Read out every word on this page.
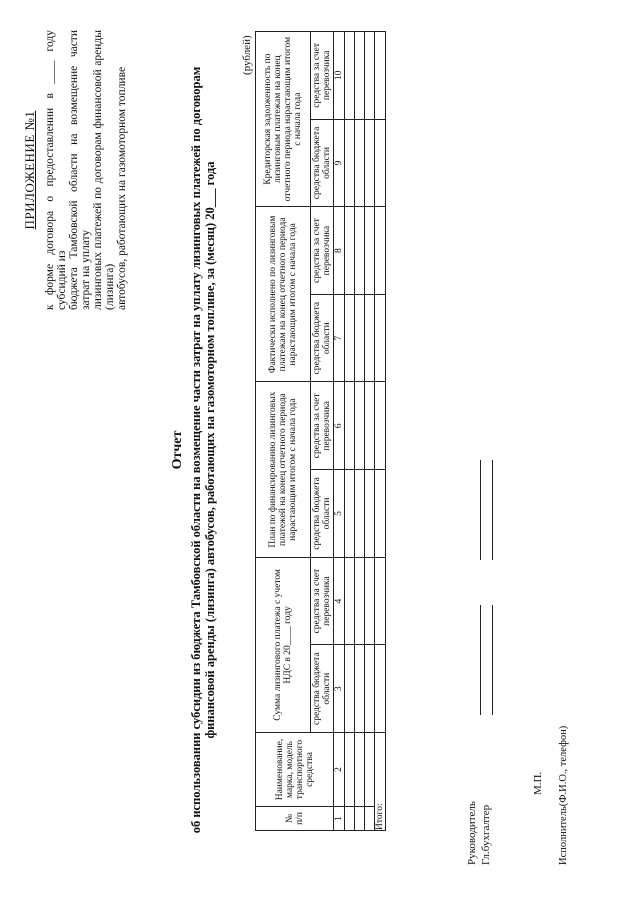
ПРИЛОЖЕНИЕ №1 к форме договора о предоставлении в ____ году субсидий из бюджета Тамбовской области на возмещение части затрат на уплату лизинговых платежей по договорам финансовой аренды (лизинга) автобусов, работающих на газомоторном топливе
Отчет об использовании субсидии из бюджета Тамбовской области на возмещение части затрат на уплату лизинговых платежей по договорам финансовой аренды (лизинга) автобусов, работающих на газомоторном топливе, за (месяц) 20___ года
(рублей)
№ п/п	Наименование, марка, модель транспортного средства	Сумма лизингового платежа с учетом НДС в 20____ году		План по финансированию лизинговых платежей на конец отчетного периода нарастающим итогом с начала года		Фактически исполнено по лизинговым платежам на конец отчетного периода нарастающим итогом с начала года		Кредиторская задолженность по лизинговым платежам на конец отчетного периода нарастающим итогом с начала года	
		средства бюджета области	средства за счет перевозчика	средства бюджета области	средства за счет перевозчика	средства бюджета области	средства за счет перевозчика	средства бюджета области	средства за счет перевозчика
1	2	3	4	5	6	7	8	9	10

Итого:										Руководитель Гл.бухгалтер
М.П. Исполнитель(Ф.И.О., телефон)
